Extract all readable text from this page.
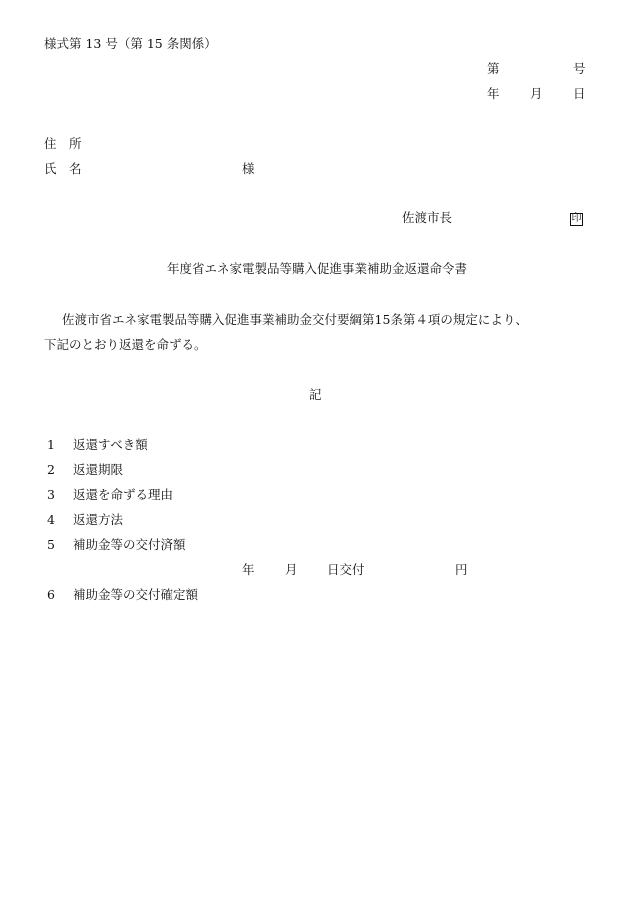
様式第 13 号（第 15 条関係）
第	号
年 月 日
住　所
氏　名	様
佐渡市長	印
年度省エネ家電製品等購入促進事業補助金返還命令書
佐渡市省エネ家電製品等購入促進事業補助金交付要綱第15条第４項の規定により、
下記のとおり返還を命ずる。
記
1 返還すべき額
2 返還期限
3 返還を命ずる理由
4 返還方法
5 補助金等の交付済額
年 月 日交付	円
6 補助金等の交付確定額
